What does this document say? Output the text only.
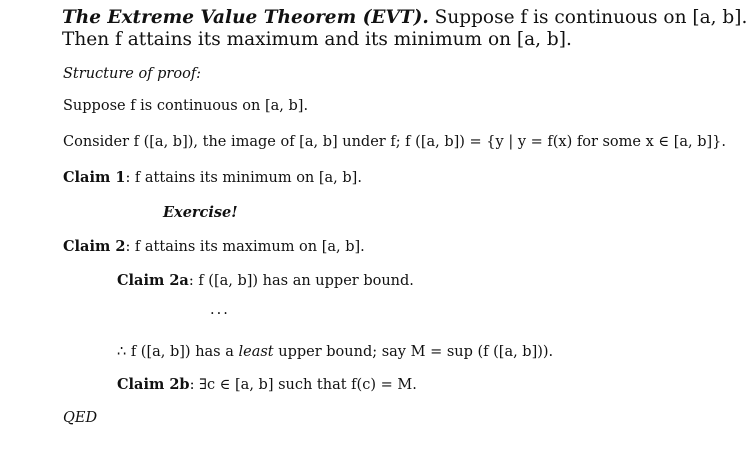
The Extreme Value Theorem (EVT). Suppose f is continuous on [a, b].
Then f attains its maximum and its minimum on [a, b].
Structure of proof:
Suppose f is continuous on [a, b].
Consider f ([a, b]), the image of [a, b] under f; f ([a, b]) = {y | y = f(x) for some x ∈ [a, b]}.
Claim 1: f attains its minimum on [a, b].
Exercise!
Claim 2: f attains its maximum on [a, b].
Claim 2a: f ([a, b]) has an upper bound.
...
∴ f ([a, b]) has a least upper bound; say M = sup (f ([a, b])).
Claim 2b: ∃c ∈ [a, b] such that f(c) = M.
QED
